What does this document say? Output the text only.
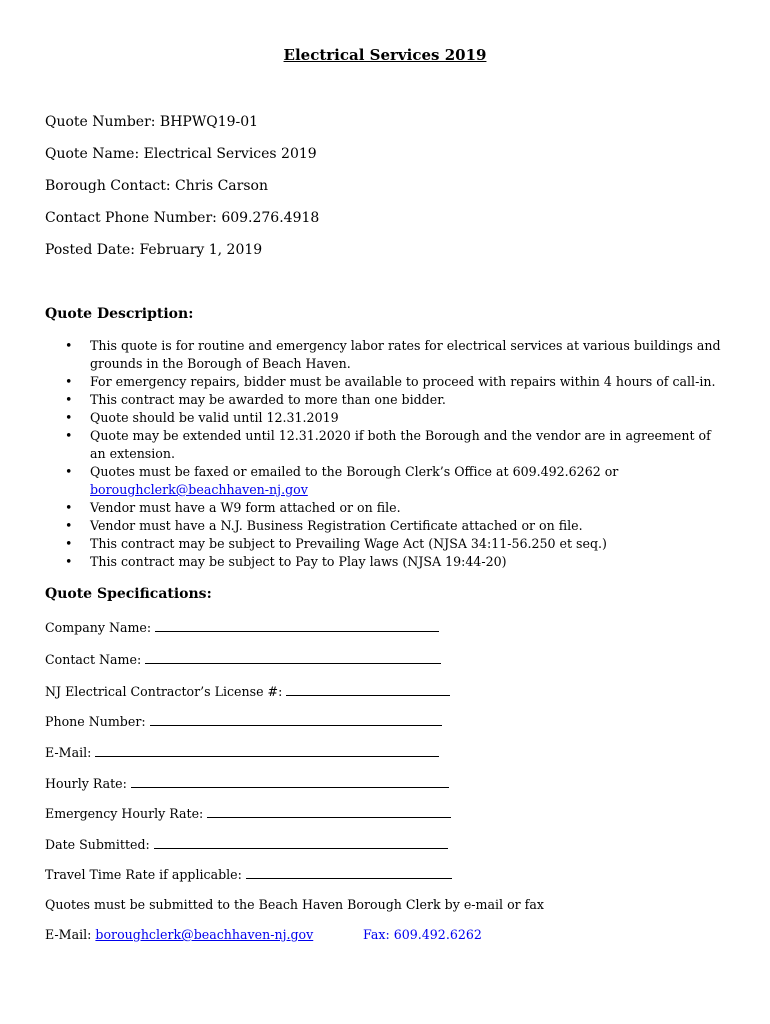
Electrical Services 2019
Quote Number: BHPWQ19-01
Quote Name: Electrical Services 2019
Borough Contact: Chris Carson
Contact Phone Number: 609.276.4918
Posted Date: February 1, 2019
Quote Description:
• This quote is for routine and emergency labor rates for electrical services at various buildings and grounds in the Borough of Beach Haven.
• For emergency repairs, bidder must be available to proceed with repairs within 4 hours of call-in.
• This contract may be awarded to more than one bidder.
• Quote should be valid until 12.31.2019
• Quote may be extended until 12.31.2020 if both the Borough and the vendor are in agreement of an extension.
• Quotes must be faxed or emailed to the Borough Clerk’s Office at 609.492.6262 or
boroughclerk@beachhaven-nj.gov
• Vendor must have a W9 form attached or on file.
• Vendor must have a N.J. Business Registration Certificate attached or on file.
• This contract may be subject to Prevailing Wage Act (NJSA 34:11-56.250 et seq.)
• This contract may be subject to Pay to Play laws (NJSA 19:44-20)
Quote Specifications:
Company Name:
Contact Name:
NJ Electrical Contractor’s License #:
Phone Number:
E-Mail:
Hourly Rate:
Emergency Hourly Rate:
Date Submitted:
Travel Time Rate if applicable:
Quotes must be submitted to the Beach Haven Borough Clerk by e-mail or fax
E-Mail: boroughclerk@beachhaven-nj.gov	Fax: 609.492.6262
